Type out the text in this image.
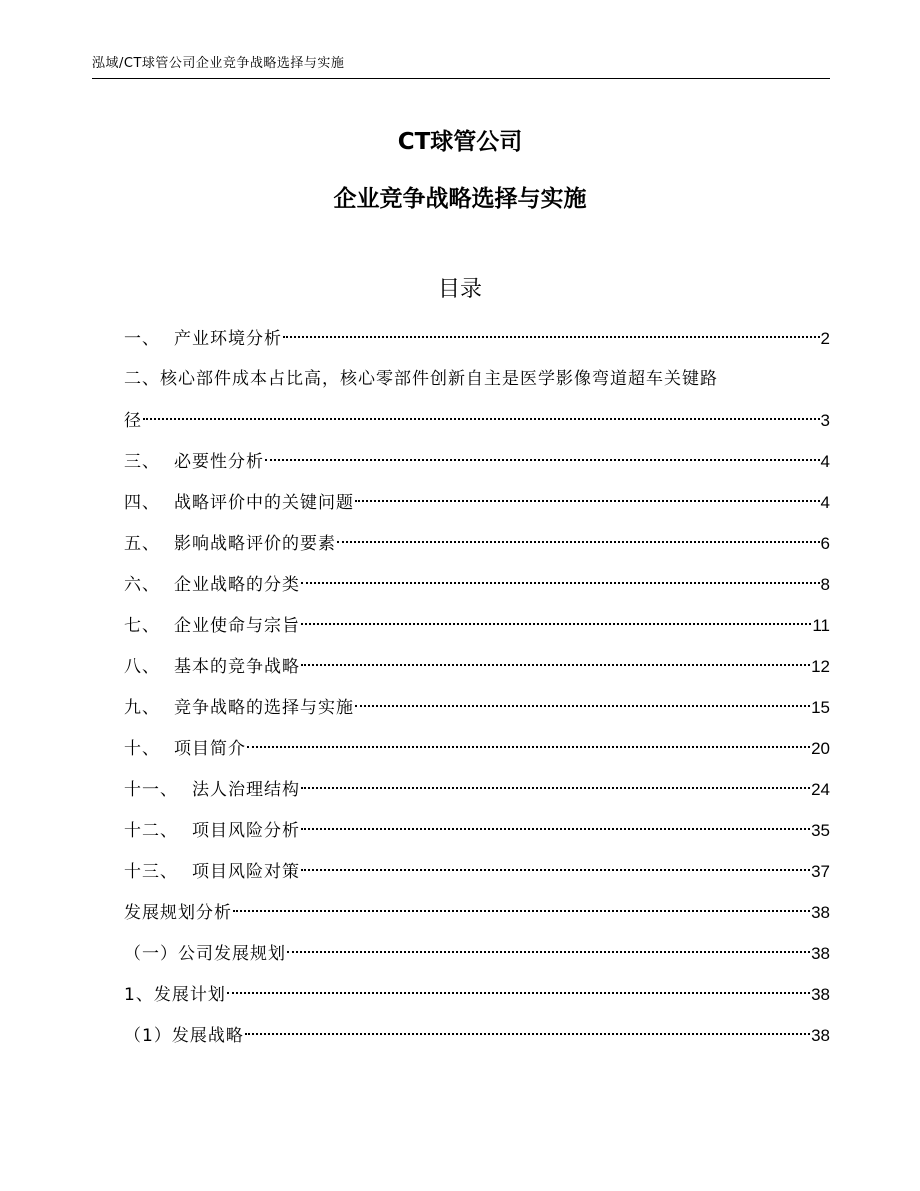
泓域/CT球管公司企业竞争战略选择与实施
CT球管公司
企业竞争战略选择与实施
目录
一、 产业环境分析	2
二、核心部件成本占比高，核心零部件创新自主是医学影像弯道超车关键路
径	3
三、 必要性分析	4
四、 战略评价中的关键问题	4
五、 影响战略评价的要素	6
六、 企业战略的分类	8
七、 企业使命与宗旨	11
八、 基本的竞争战略	12
九、 竞争战略的选择与实施	15
十、 项目简介	20
十一、 法人治理结构	24
十二、 项目风险分析	35
十三、 项目风险对策	37
发展规划分析	38
（一）公司发展规划	38
1、发展计划	38
（1）发展战略	38
